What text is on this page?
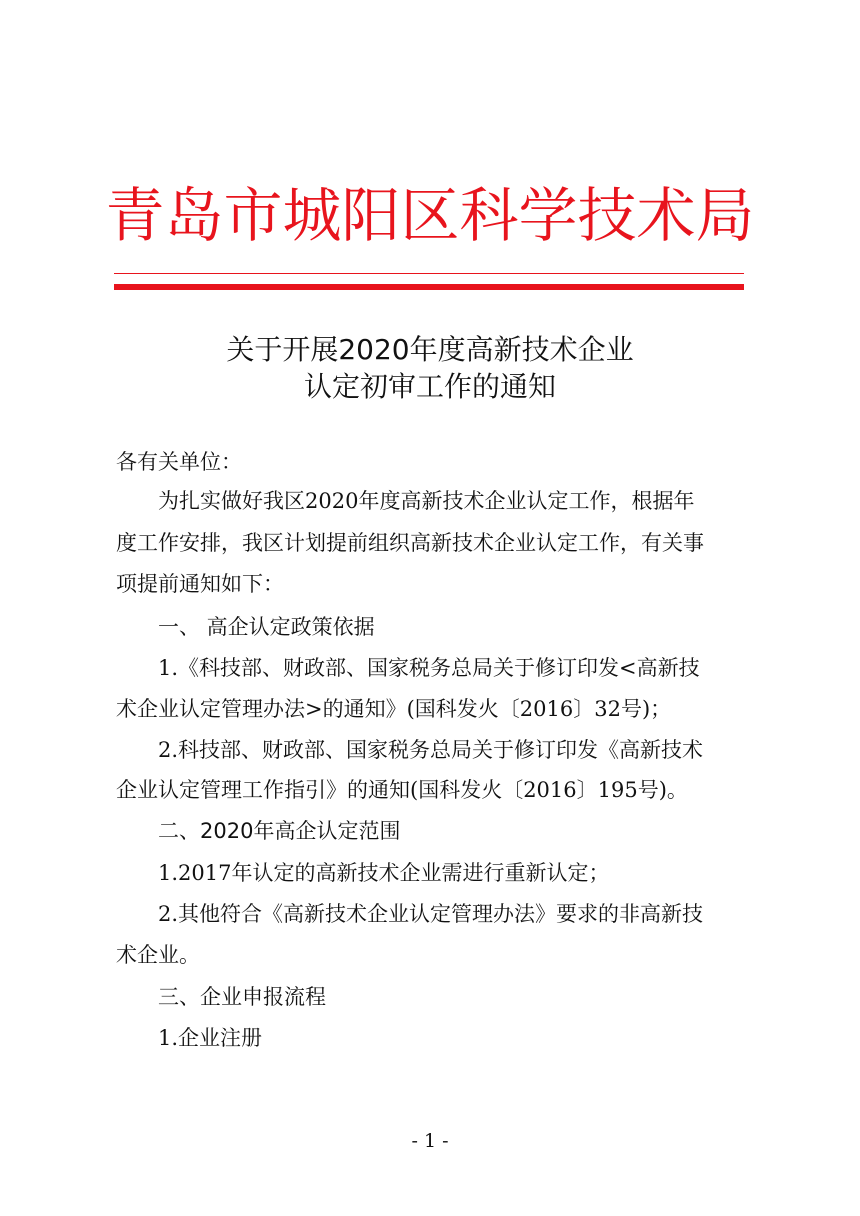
青岛市城阳区科学技术局
关于开展2020年度高新技术企业
认定初审工作的通知
各有关单位：
为扎实做好我区2020年度高新技术企业认定工作，根据年
度工作安排，我区计划提前组织高新技术企业认定工作，有关事
项提前通知如下：
一、 高企认定政策依据
1.《科技部、财政部、国家税务总局关于修订印发<高新技
术企业认定管理办法>的通知》(国科发火〔2016〕32号)；
2.科技部、财政部、国家税务总局关于修订印发《高新技术
企业认定管理工作指引》的通知(国科发火〔2016〕195号)。
二、2020年高企认定范围
1.2017年认定的高新技术企业需进行重新认定；
2.其他符合《高新技术企业认定管理办法》要求的非高新技
术企业。
三、企业申报流程
1.企业注册
- 1 -
